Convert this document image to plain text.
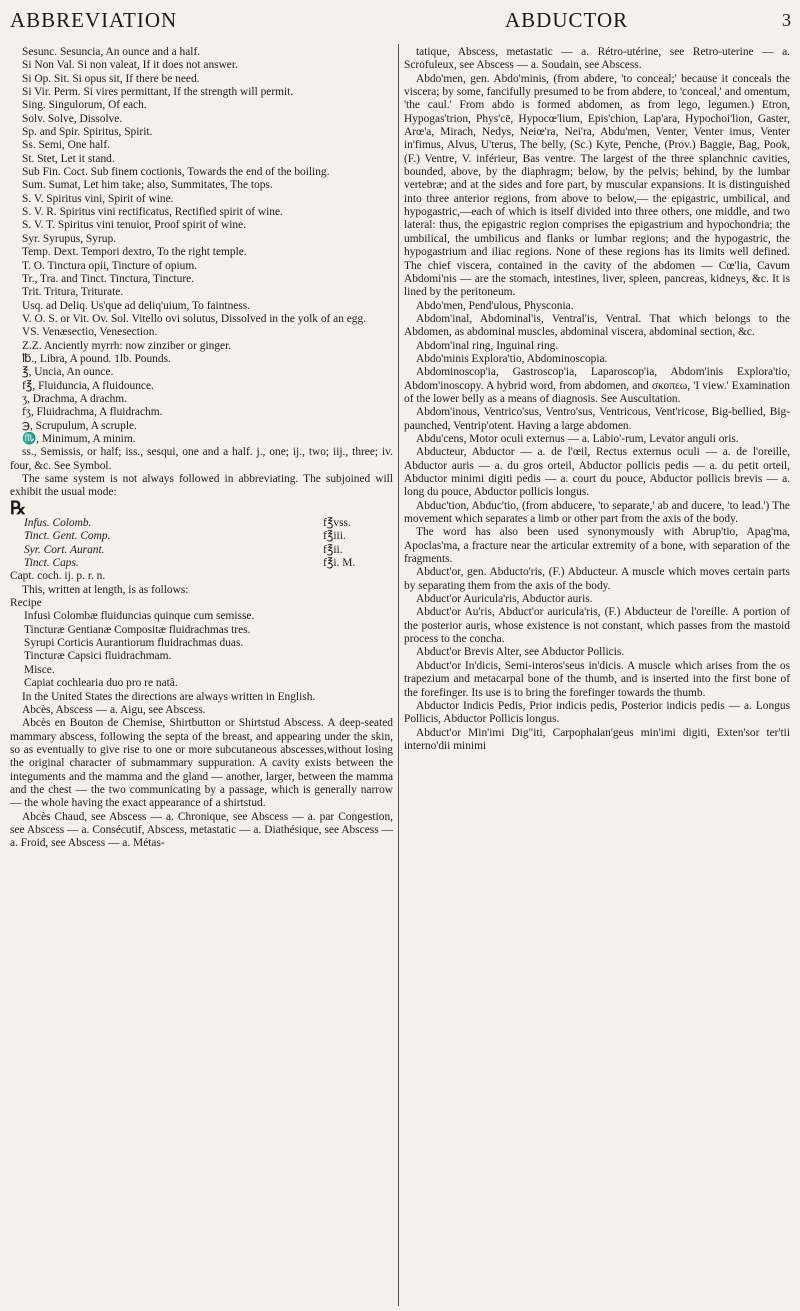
ABBREVIATION	ABDUCTOR	3

Sesunc. Sesuncia, An ounce and a half.

Si Non Val. Si non valeat, If it does not answer.

Si Op. Sit. Si opus sit, If there be need.

Si Vir. Perm. Si vires permittant, If the strength will permit.

Sing. Singulorum, Of each.

Solv. Solve, Dissolve.

Sp. and Spir. Spiritus, Spirit.

Ss. Semi, One half.

St. Stet, Let it stand.

Sub Fin. Coct. Sub finem coctionis, Towards the end of the boiling.

Sum. Sumat, Let him take; also, Summitates, The tops.

S. V. Spiritus vini, Spirit of wine.

S. V. R. Spiritus vini rectificatus, Rectified spirit of wine.

S. V. T. Spiritus vini tenuior, Proof spirit of wine.

Syr. Syrupus, Syrup.

Temp. Dext. Tempori dextro, To the right temple.

T. O. Tinctura opii, Tincture of opium.

Tr., Tra. and Tinct. Tinctura, Tincture.

Trit. Tritura, Triturate.

Usq. ad Deliq. Us'que ad deliq'uium, To faintness.

V. O. S. or Vit. Ov. Sol. Vitello ovi solutus, Dissolved in the yolk of an egg.

VS. Venæsectio, Venesection.

Z.Z. Anciently myrrh: now zinziber or ginger.

℔., Libra, A pound. 1lb. Pounds.

℥, Uncia, An ounce.

f℥, Fluiduncia, A fluidounce.

ʒ, Drachma, A drachm.

fʒ, Fluidrachma, A fluidrachm.

℈, Scrupulum, A scruple.

♏, Minimum, A minim.

ss., Semissis, or half; iss., sesqui, one and a half. j., one; ij., two; iij., three; iv. four, &c. See Symbol.

The same system is not always followed in abbreviating. The subjoined will exhibit the usual mode:

℞
Infus. Colomb.	f℥vss.
Tinct. Gent. Comp.	f℥iii.
Syr. Cort. Aurant.	f℥ii.
Tinct. Caps.	f℥i. M.

Capt. coch. ij. p. r. n.

This, written at length, is as follows:

Recipe

Infusi Colombæ fluiduncias quinque cum semisse.

Tincturæ Gentianæ Compositæ fluidrachmas tres.

Syrupi Corticis Aurantiorum fluidrachmas duas.

Tincturæ Capsici fluidrachmam.

Misce.

Capiat cochlearia duo pro re natâ.

In the United States the directions are always written in English.

Abcès, Abscess — a. Aigu, see Abscess.

Abcès en Bouton de Chemise, Shirtbutton or Shirtstud Abscess. A deep-seated mammary abscess, following the septa of the breast, and appearing under the skin, so as eventually to give rise to one or more subcutaneous abscesses,without losing the original character of submammary suppuration. A cavity exists between the integuments and the mamma and the gland — another, larger, between the mamma and the chest — the two communicating by a passage, which is generally narrow — the whole having the exact appearance of a shirtstud.

Abcès Chaud, see Abscess — a. Chronique, see Abscess — a. par Congestion, see Abscess — a. Consécutif, Abscess, metastatic — a. Diathésique, see Abscess — a. Froid, see Abscess — a. Métas-

tatique, Abscess, metastatic — a. Rétro-utérine, see Retro-uterine — a. Scrofuleux, see Abscess — a. Soudain, see Abscess.

Abdo'men, gen. Abdo'minis, (from abdere, 'to conceal;' because it conceals the viscera; by some, fancifully presumed to be from abdere, to 'conceal,' and omentum, 'the caul.' From abdo is formed abdomen, as from lego, legumen.) Etron, Hypogas'trion, Phys'cē, Hypocœ'lium, Epis'chion, Lap'ara, Hypochoi'lion, Gaster, Arœ'a, Mirach, Nedys, Neiœ'ra, Nei'ra, Abdu'men, Venter, Venter imus, Venter in'fimus, Alvus, U'terus, The belly, (Sc.) Kyte, Penche, (Prov.) Baggie, Bag, Pook, (F.) Ventre, V. inférieur, Bas ventre. The largest of the three splanchnic cavities, bounded, above, by the diaphragm; below, by the pelvis; behind, by the lumbar vertebræ; and at the sides and fore part, by muscular expansions. It is distinguished into three anterior regions, from above to below,— the epigastric, umbilical, and hypogastric,—each of which is itself divided into three others, one middle, and two lateral: thus, the epigastric region comprises the epigastrium and hypochondria; the umbilical, the umbilicus and flanks or lumbar regions; and the hypogastric, the hypogastrium and iliac regions. None of these regions has its limits well defined. The chief viscera, contained in the cavity of the abdomen — Cœ'lia, Cavum Abdomi'nis — are the stomach, intestines, liver, spleen, pancreas, kidneys, &c. It is lined by the peritoneum.

Abdo'men, Pend'ulous, Physconia.

Abdom'inal, Abdominal'is, Ventral'is, Ventral. That which belongs to the Abdomen, as abdominal muscles, abdominal viscera, abdominal section, &c.

Abdom'inal ring, Inguinal ring.

Abdo'minis Explora'tio, Abdominoscopia.

Abdominoscop'ia, Gastroscop'ia, Laparoscop'ia, Abdom'inis Explora'tio, Abdom'inoscopy. A hybrid word, from abdomen, and σκοπεω, 'I view.' Examination of the lower belly as a means of diagnosis. See Auscultation.

Abdom'inous, Ventrico'sus, Ventro'sus, Ventricous, Vent'ricose, Big-bellied, Big-paunched, Ventrip'otent. Having a large abdomen.

Abdu'cens, Motor oculi externus — a. Labio'-rum, Levator anguli oris.

Abducteur, Abductor — a. de l'œil, Rectus externus oculi — a. de l'oreille, Abductor auris — a. du gros orteil, Abductor pollicis pedis — a. du petit orteil, Abductor minimi digiti pedis — a. court du pouce, Abductor pollicis brevis — a. long du pouce, Abductor pollicis longus.

Abduc'tion, Abduc'tio, (from abducere, 'to separate,' ab and ducere, 'to lead.') The movement which separates a limb or other part from the axis of the body.

The word has also been used synonymously with Abrup'tio, Apag'ma, Apoclas'ma, a fracture near the articular extremity of a bone, with separation of the fragments.

Abduct'or, gen. Abducto'ris, (F.) Abducteur. A muscle which moves certain parts by separating them from the axis of the body.

Abduct'or Auricula'ris, Abductor auris.

Abduct'or Au'ris, Abduct'or auricula'ris, (F.) Abducteur de l'oreille. A portion of the posterior auris, whose existence is not constant, which passes from the mastoid process to the concha.

Abduct'or Brevis Alter, see Abductor Pollicis.

Abduct'or In'dicis, Semi-interos'seus in'dicis. A muscle which arises from the os trapezium and metacarpal bone of the thumb, and is inserted into the first bone of the forefinger. Its use is to bring the forefinger towards the thumb.

Abductor Indicis Pedis, Prior indicis pedis, Posterior indicis pedis — a. Longus Pollicis, Abductor Pollicis longus.

Abduct'or Min'imi Dig"iti, Carpophalan'geus min'imi digiti, Exten'sor ter'tii interno'dii minimi
